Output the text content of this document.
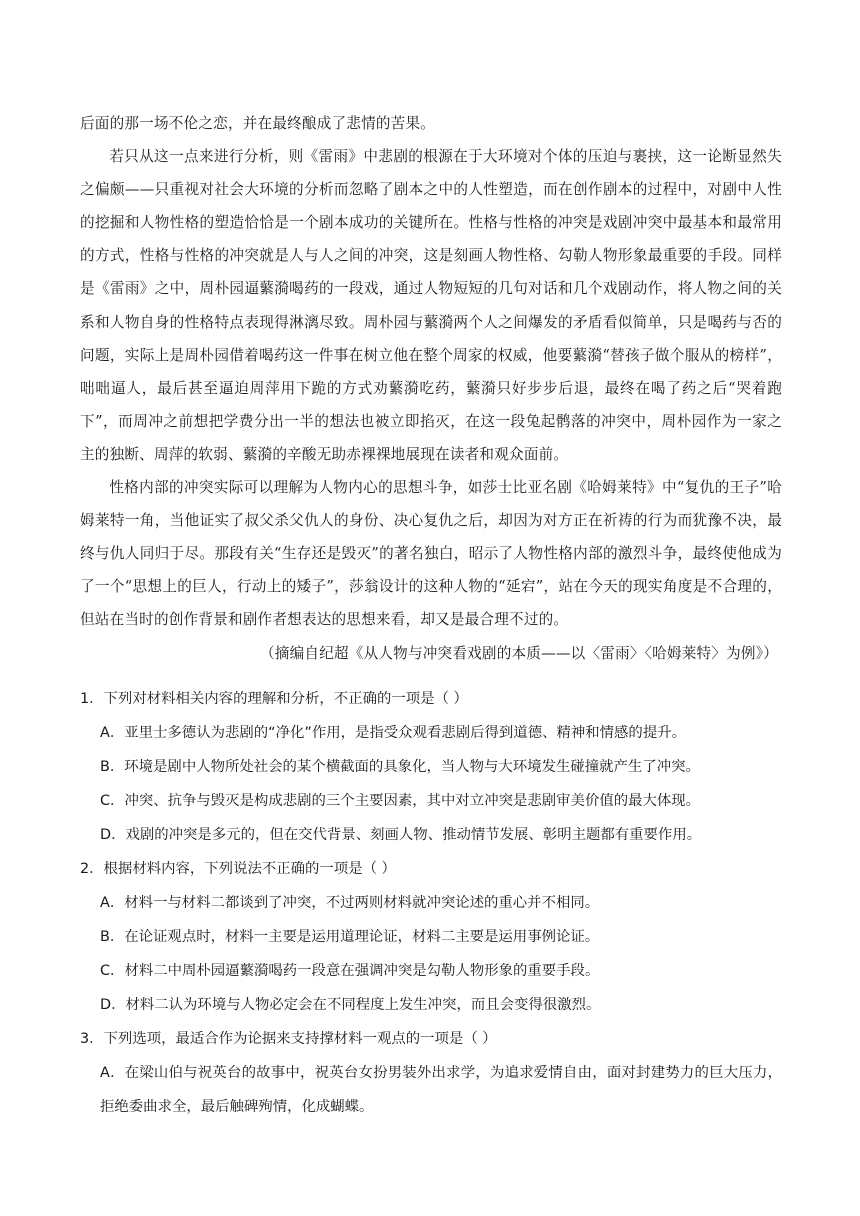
后面的那一场不伦之恋，并在最终酿成了悲情的苦果。

若只从这一点来进行分析，则《雷雨》中悲剧的根源在于大环境对个体的压迫与裹挟，这一论断显然失之偏颇——只重视对社会大环境的分析而忽略了剧本之中的人性塑造，而在创作剧本的过程中，对剧中人性的挖掘和人物性格的塑造恰恰是一个剧本成功的关键所在。性格与性格的冲突是戏剧冲突中最基本和最常用的方式，性格与性格的冲突就是人与人之间的冲突，这是刻画人物性格、勾勒人物形象最重要的手段。同样是《雷雨》之中，周朴园逼蘩漪喝药的一段戏，通过人物短短的几句对话和几个戏剧动作，将人物之间的关系和人物自身的性格特点表现得淋漓尽致。周朴园与蘩漪两个人之间爆发的矛盾看似简单，只是喝药与否的问题，实际上是周朴园借着喝药这一件事在树立他在整个周家的权威，他要蘩漪“替孩子做个服从的榜样”，咄咄逼人，最后甚至逼迫周萍用下跪的方式劝蘩漪吃药，蘩漪只好步步后退，最终在喝了药之后“哭着跑下”，而周冲之前想把学费分出一半的想法也被立即掐灭，在这一段兔起鹘落的冲突中，周朴园作为一家之主的独断、周萍的软弱、蘩漪的辛酸无助赤裸裸地展现在读者和观众面前。

性格内部的冲突实际可以理解为人物内心的思想斗争，如莎士比亚名剧《哈姆莱特》中“复仇的王子”哈姆莱特一角，当他证实了叔父杀父仇人的身份、决心复仇之后，却因为对方正在祈祷的行为而犹豫不决，最终与仇人同归于尽。那段有关“生存还是毁灭”的著名独白，昭示了人物性格内部的激烈斗争，最终使他成为了一个“思想上的巨人，行动上的矮子”，莎翁设计的这种人物的“延宕”，站在今天的现实角度是不合理的，但站在当时的创作背景和剧作者想表达的思想来看，却又是最合理不过的。

（摘编自纪超《从人物与冲突看戏剧的本质——以〈雷雨〉〈哈姆莱特〉为例》）

1．下列对材料相关内容的理解和分析，不正确的一项是（ ）

A．亚里士多德认为悲剧的“净化”作用，是指受众观看悲剧后得到道德、精神和情感的提升。

B．环境是剧中人物所处社会的某个横截面的具象化，当人物与大环境发生碰撞就产生了冲突。

C．冲突、抗争与毁灭是构成悲剧的三个主要因素，其中对立冲突是悲剧审美价值的最大体现。

D．戏剧的冲突是多元的，但在交代背景、刻画人物、推动情节发展、彰明主题都有重要作用。

2．根据材料内容，下列说法不正确的一项是（ ）

A．材料一与材料二都谈到了冲突，不过两则材料就冲突论述的重心并不相同。

B．在论证观点时，材料一主要是运用道理论证，材料二主要是运用事例论证。

C．材料二中周朴园逼蘩漪喝药一段意在强调冲突是勾勒人物形象的重要手段。

D．材料二认为环境与人物必定会在不同程度上发生冲突，而且会变得很激烈。

3．下列选项，最适合作为论据来支持撑材料一观点的一项是（ ）

A．在梁山伯与祝英台的故事中，祝英台女扮男装外出求学，为追求爱情自由，面对封建势力的巨大压力，拒绝委曲求全，最后触碑殉情，化成蝴蝶。
